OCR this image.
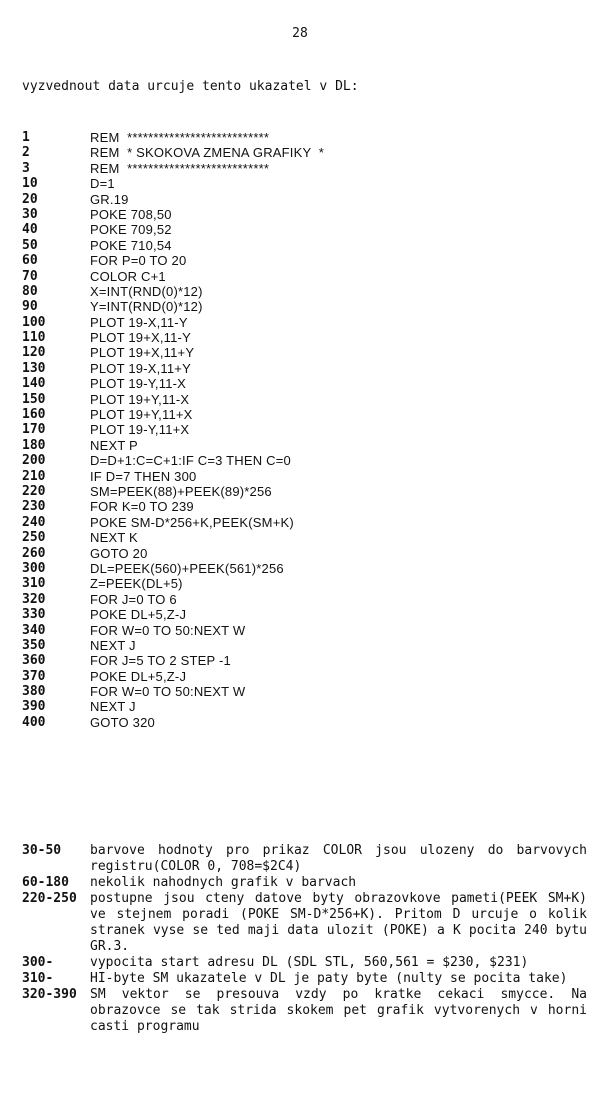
28
vyzvednout data urcuje tento ukazatel v DL:
1	REM  ***************************
2	REM  * SKOKOVA ZMENA GRAFIKY  *
3	REM  ***************************
10	D=1
20	GR.19
30	POKE 708,50
40	POKE 709,52
50	POKE 710,54
60	FOR P=0 TO 20
70	COLOR C+1
80	X=INT(RND(0)*12)
90	Y=INT(RND(0)*12)
100	PLOT 19-X,11-Y
110	PLOT 19+X,11-Y
120	PLOT 19+X,11+Y
130	PLOT 19-X,11+Y
140	PLOT 19-Y,11-X
150	PLOT 19+Y,11-X
160	PLOT 19+Y,11+X
170	PLOT 19-Y,11+X
180	NEXT P
200	D=D+1:C=C+1:IF C=3 THEN C=0
210	IF D=7 THEN 300
220	SM=PEEK(88)+PEEK(89)*256
230	FOR K=0 TO 239
240	POKE SM-D*256+K,PEEK(SM+K)
250	NEXT K
260	GOTO 20
300	DL=PEEK(560)+PEEK(561)*256
310	Z=PEEK(DL+5)
320	FOR J=0 TO 6
330	POKE DL+5,Z-J
340	FOR W=0 TO 50:NEXT W
350	NEXT J
360	FOR J=5 TO 2 STEP -1
370	POKE DL+5,Z-J
380	FOR W=0 TO 50:NEXT W
390	NEXT J
400	GOTO 320
30-50	barvove hodnoty pro prikaz COLOR jsou ulozeny do barvovych registru(COLOR 0, 708=$2C4)
60-180	nekolik nahodnych grafik v barvach
220-250	postupne jsou cteny datove byty obrazovkove pameti(PEEK SM+K) ve stejnem poradi (POKE SM-D*256+K). Pritom D urcuje o kolik stranek vyse se ted maji data ulozit (POKE) a K pocita 240 bytu GR.3.
300-	vypocita start adresu DL (SDL STL, 560,561 = $230, $231)
310-	HI-byte SM ukazatele v DL je paty byte (nulty se pocita take)
320-390	SM vektor se presouva vzdy po kratke cekaci smycce. Na obrazovce se tak strida skokem pet grafik vytvorenych v horni casti programu
